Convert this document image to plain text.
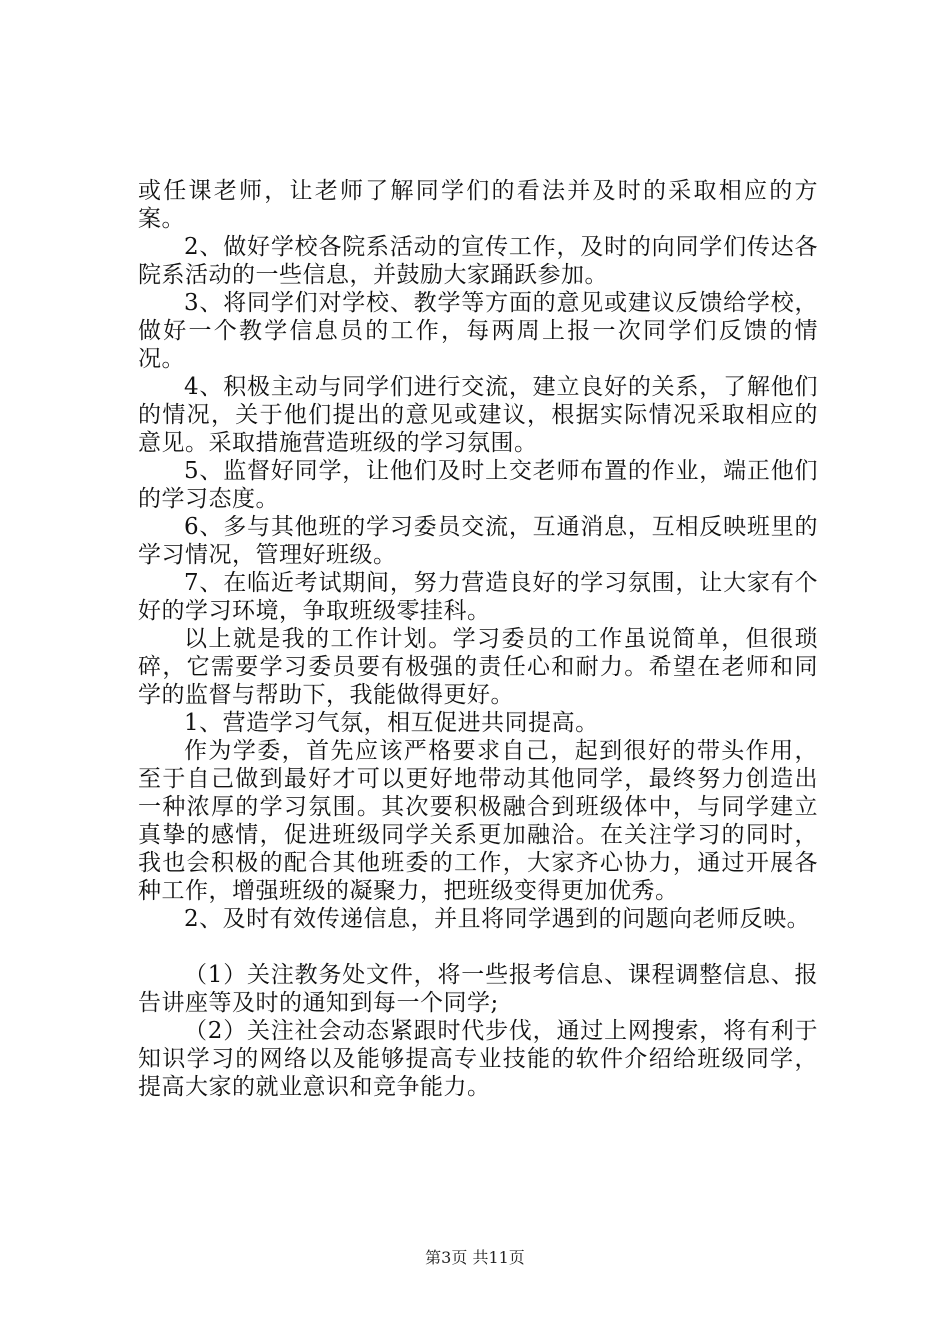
或任课老师，让老师了解同学们的看法并及时的采取相应的方案。

2、做好学校各院系活动的宣传工作，及时的向同学们传达各院系活动的一些信息，并鼓励大家踊跃参加。

3、将同学们对学校、教学等方面的意见或建议反馈给学校，做好一个教学信息员的工作，每两周上报一次同学们反馈的情况。

4、积极主动与同学们进行交流，建立良好的关系，了解他们的情况，关于他们提出的意见或建议，根据实际情况采取相应的意见。采取措施营造班级的学习氛围。

5、监督好同学，让他们及时上交老师布置的作业，端正他们的学习态度。

6、多与其他班的学习委员交流，互通消息，互相反映班里的学习情况，管理好班级。

7、在临近考试期间，努力营造良好的学习氛围，让大家有个好的学习环境，争取班级零挂科。

以上就是我的工作计划。学习委员的工作虽说简单，但很琐碎，它需要学习委员要有极强的责任心和耐力。希望在老师和同学的监督与帮助下，我能做得更好。

1、营造学习气氛，相互促进共同提高。

作为学委，首先应该严格要求自己，起到很好的带头作用，至于自己做到最好才可以更好地带动其他同学，最终努力创造出一种浓厚的学习氛围。其次要积极融合到班级体中，与同学建立真挚的感情，促进班级同学关系更加融洽。在关注学习的同时，我也会积极的配合其他班委的工作，大家齐心协力，通过开展各种工作，增强班级的凝聚力，把班级变得更加优秀。

2、及时有效传递信息，并且将同学遇到的问题向老师反映。

（1）关注教务处文件，将一些报考信息、课程调整信息、报告讲座等及时的通知到每一个同学;

（2）关注社会动态紧跟时代步伐，通过上网搜索，将有利于知识学习的网络以及能够提高专业技能的软件介绍给班级同学，提高大家的就业意识和竞争能力。

第3页 共11页
